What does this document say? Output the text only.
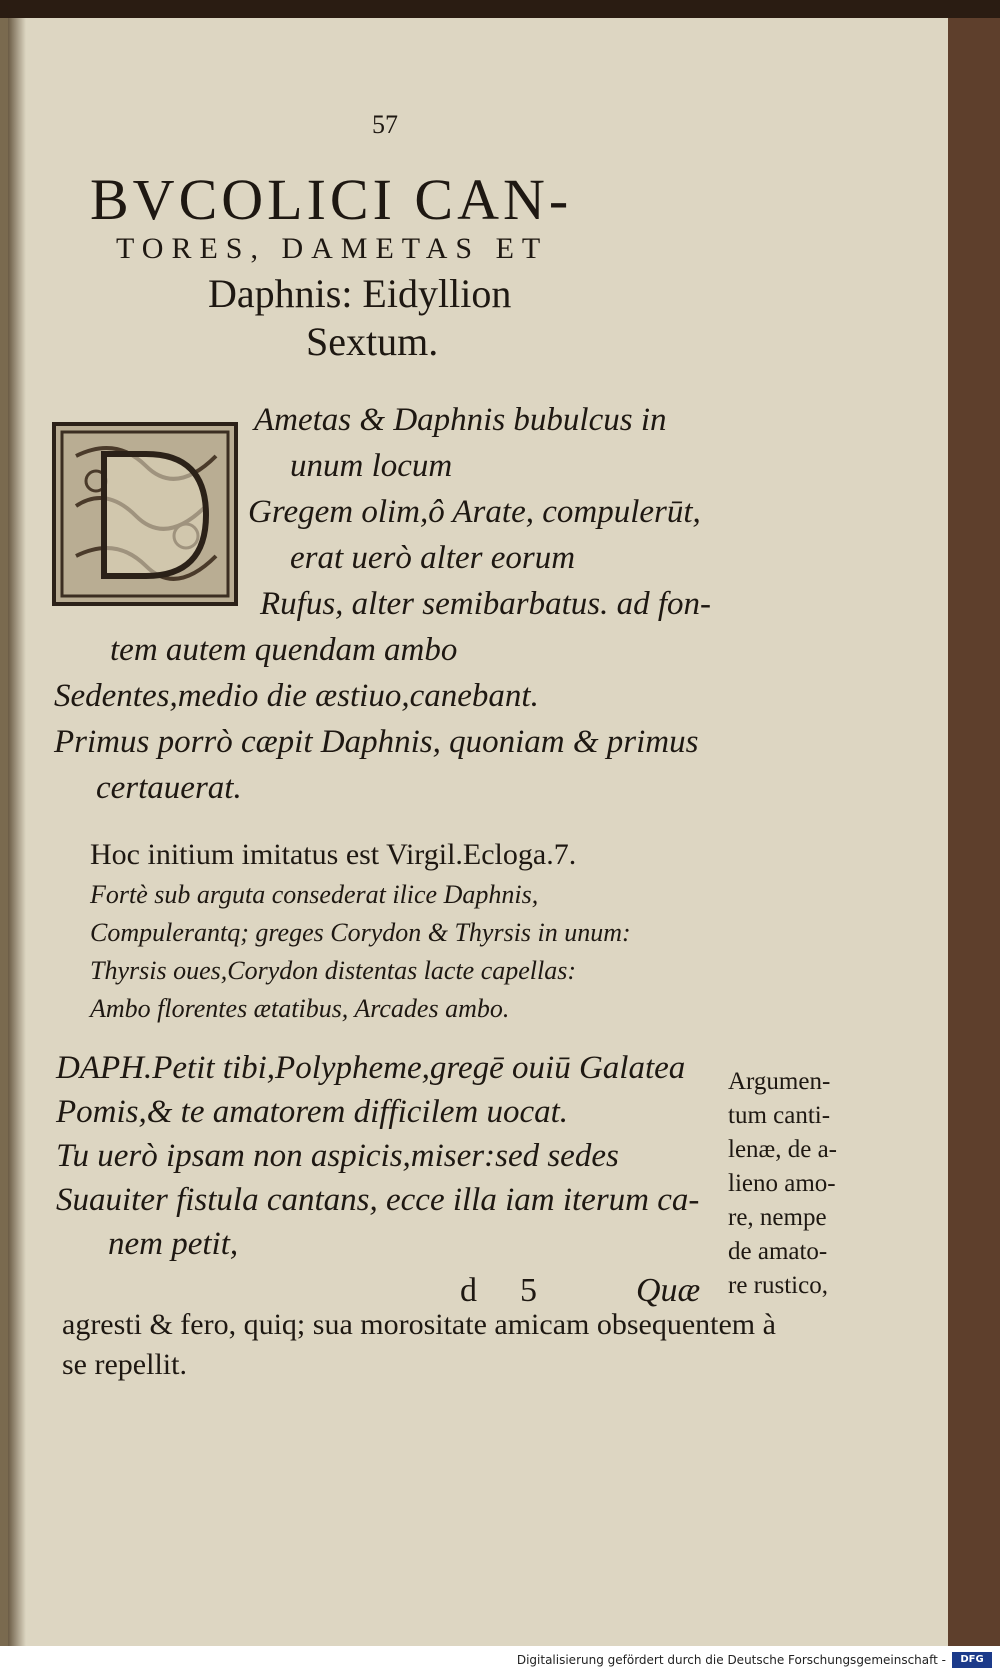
57
BVCOLICI CAN-
TORES, DAMETAS ET
Daphnis: Eidyllion
Sextum.
Ametas & Daphnis bubulcus in
unum locum
Gregem olim,ô Arate, compulerūt,
erat uerò alter eorum
Rufus, alter semibarbatus. ad fon-
tem autem quendam ambo
Sedentes,medio die æstiuo,canebant.
Primus porrò cæpit Daphnis, quoniam & primus
certauerat.
Hoc initium imitatus est Virgil.Ecloga.7.
Fortè sub arguta consederat ilice Daphnis,
Compulerantq; greges Corydon & Thyrsis in unum:
Thyrsis oues,Corydon distentas lacte capellas:
Ambo florentes ætatibus, Arcades ambo.
DAPH.Petit tibi,Polypheme,gregē ouiū Galatea
Pomis,& te amatorem difficilem uocat.
Tu uerò ipsam non aspicis,miser:sed sedes
Suauiter fistula cantans, ecce illa iam iterum ca-
nem petit,
d 5	Quæ
Argumen-
tum canti-
lenæ, de a-
lieno amo-
re, nempe
de amato-
re rustico,
agresti & fero, quiq; sua morositate amicam obsequentem à
se repellit.
Digitalisierung gefördert durch die Deutsche Forschungsgemeinschaft -	DFG
